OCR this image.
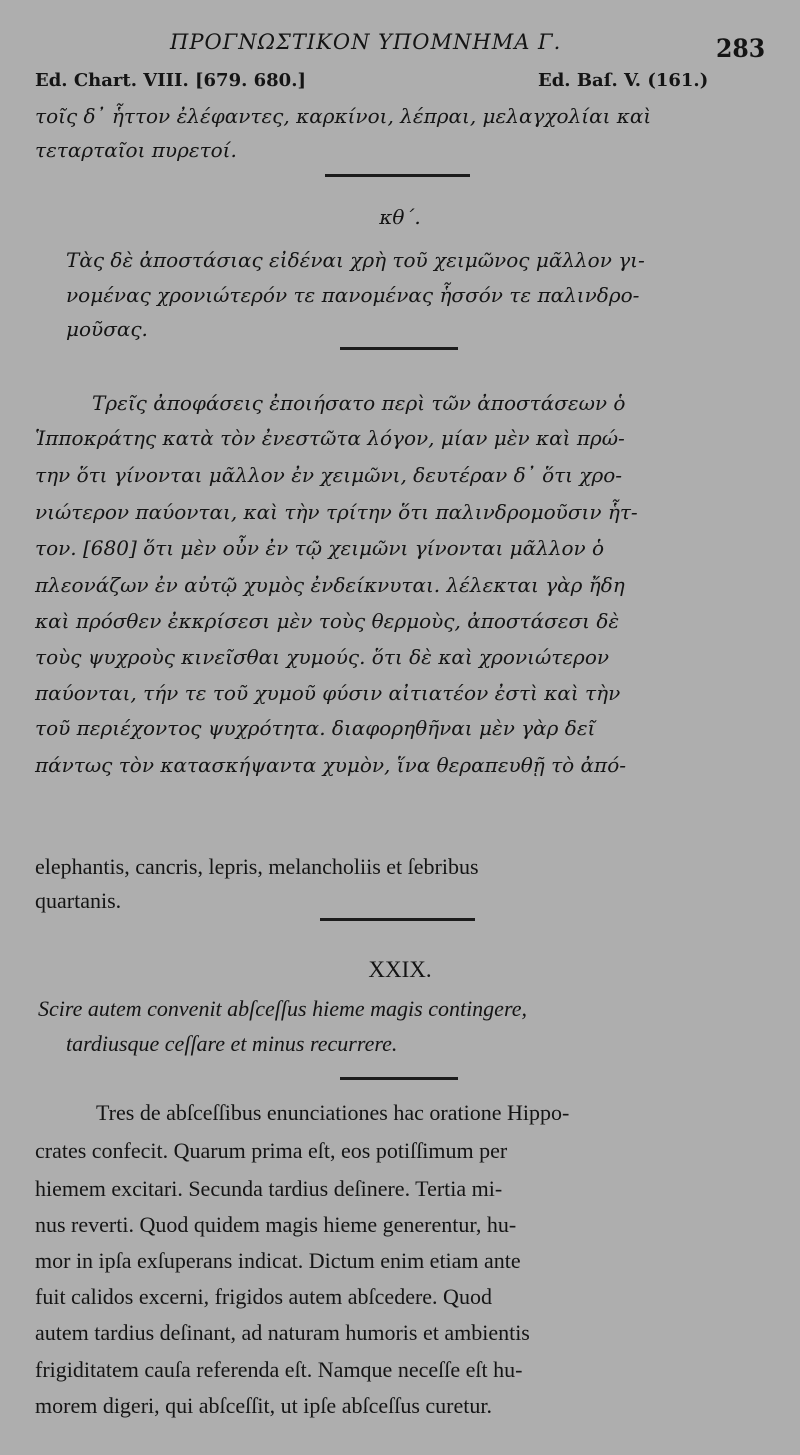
ΠΡΟΓΝΩΣΤΙΚΟΝ ΥΠΟΜΝΗΜΑ Γ.	283
Ed. Chart. VIII. [679. 680.]	Ed. Baſ. V. (161.)
τοῖς δ᾽ ἧττον ἐλέφαντες, καρκίνοι, λέπραι, μελαγχολίαι καὶ
τεταρταῖοι πυρετοί.
κθ΄.
Τὰς δὲ ἀποστάσιας εἰδέναι χρὴ τοῦ χειμῶνος μᾶλλον γι-
νομένας χρονιώτερόν τε πανομένας ἧσσόν τε παλινδρο-
μοῦσας.
Τρεῖς ἀποφάσεις ἐποιήσατο περὶ τῶν ἀποστάσεων ὁ
Ἱπποκράτης κατὰ τὸν ἐνεστῶτα λόγον, μίαν μὲν καὶ πρώ-
την ὅτι γίνονται μᾶλλον ἐν χειμῶνι, δευτέραν δ᾽ ὅτι χρο-
νιώτερον παύονται, καὶ τὴν τρίτην ὅτι παλινδρομοῦσιν ἧτ-
τον. [680] ὅτι μὲν οὖν ἐν τῷ χειμῶνι γίνονται μᾶλλον ὁ
πλεονάζων ἐν αὐτῷ χυμὸς ἐνδείκνυται. λέλεκται γὰρ ἤδη
καὶ πρόσθεν ἐκκρίσεσι μὲν τοὺς θερμοὺς, ἀποστάσεσι δὲ
τοὺς ψυχροὺς κινεῖσθαι χυμούς. ὅτι δὲ καὶ χρονιώτερον
παύονται, τήν τε τοῦ χυμοῦ φύσιν αἰτιατέον ἐστὶ καὶ τὴν
τοῦ περιέχοντος ψυχρότητα. διαφορηθῆναι μὲν γὰρ δεῖ
πάντως τὸν κατασκήψαντα χυμὸν, ἵνα θεραπευθῇ τὸ ἀπό-
elephantis, cancris, lepris, melancholiis et ſebribus
quartanis.
XXIX.
Scire autem convenit abſceſſus hieme magis contingere,
tardiusque ceſſare et minus recurrere.
Tres de abſceſſibus enunciationes hac oratione Hippo-
crates confecit. Quarum prima eſt, eos potiſſimum per
hiemem excitari. Secunda tardius deſinere. Tertia mi-
nus reverti. Quod quidem magis hieme generentur, hu-
mor in ipſa exſuperans indicat. Dictum enim etiam ante
fuit calidos excerni, frigidos autem abſcedere. Quod
autem tardius deſinant, ad naturam humoris et ambientis
frigiditatem cauſa referenda eſt. Namque neceſſe eſt hu-
morem digeri, qui abſceſſit, ut ipſe abſceſſus curetur.
